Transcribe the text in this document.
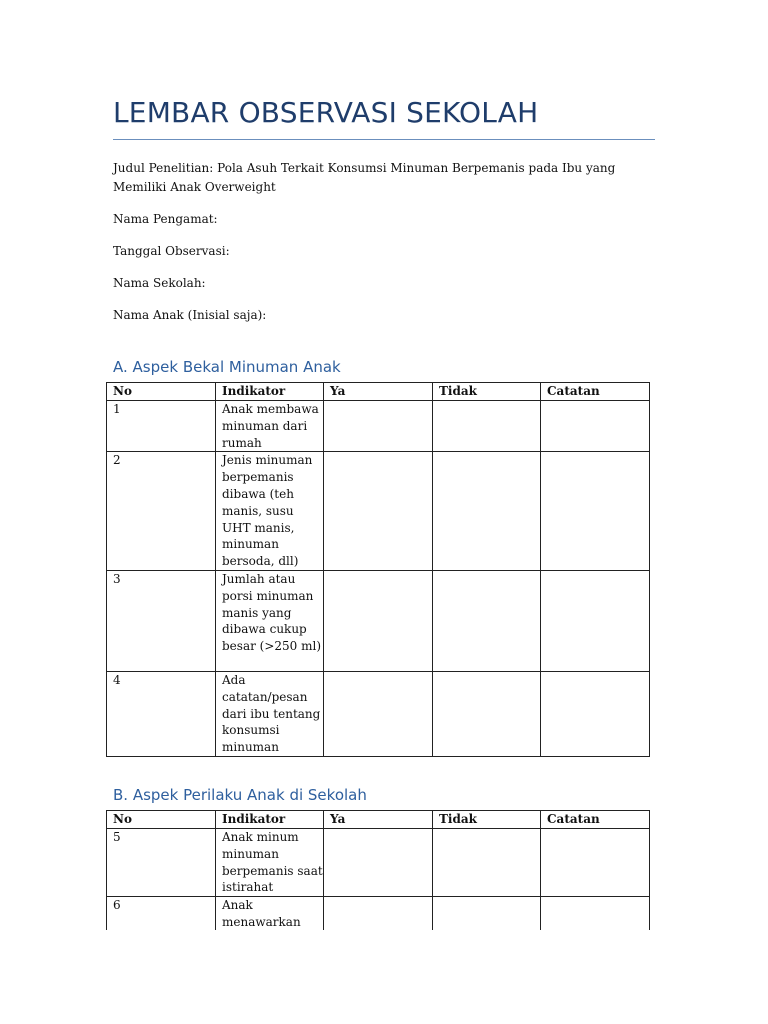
LEMBAR OBSERVASI SEKOLAH
Judul Penelitian: Pola Asuh Terkait Konsumsi Minuman Berpemanis pada Ibu yang Memiliki Anak Overweight
Nama Pengamat:
Tanggal Observasi:
Nama Sekolah:
Nama Anak (Inisial saja):
A. Aspek Bekal Minuman Anak
No	Indikator	Ya	Tidak	Catatan
1	Anak membawa minuman dari rumah			
2	Jenis minuman berpemanis dibawa (teh manis, susu UHT manis, minuman bersoda, dll)			
3	Jumlah atau porsi minuman manis yang dibawa cukup besar (>250 ml)			
4	Ada catatan/pesan dari ibu tentang konsumsi minuman			
B. Aspek Perilaku Anak di Sekolah
No	Indikator	Ya	Tidak	Catatan
5	Anak minum minuman berpemanis saat istirahat			
6	Anak menawarkan			
